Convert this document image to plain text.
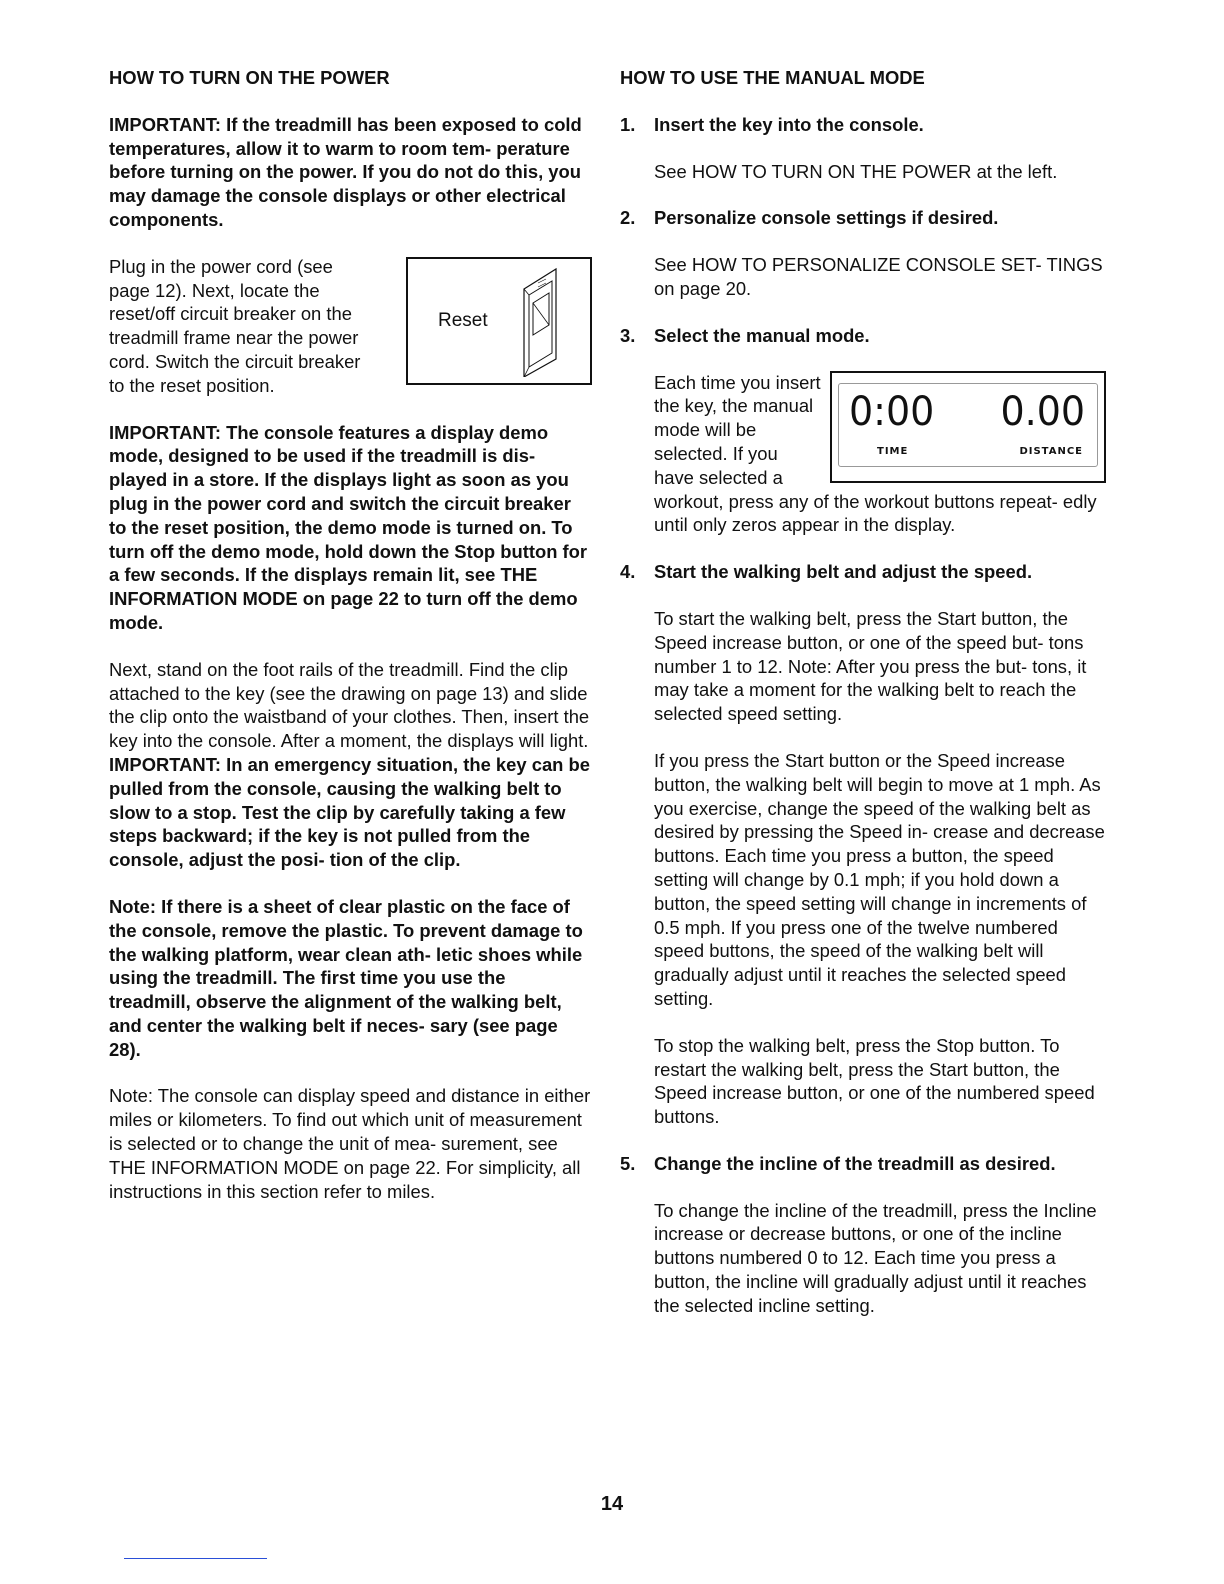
HOW TO TURN ON THE POWER

IMPORTANT: If the treadmill has been exposed to cold temperatures, allow it to warm to room tem- perature before turning on the power. If you do not do this, you may damage the console displays or other electrical components.

Plug in the power cord (see page 12). Next, locate the reset/off circuit breaker on the treadmill frame near the power cord. Switch the circuit breaker to the reset position.

Reset

IMPORTANT: The console features a display demo mode, designed to be used if the treadmill is dis- played in a store. If the displays light as soon as you plug in the power cord and switch the circuit breaker to the reset position, the demo mode is turned on. To turn off the demo mode, hold down the Stop button for a few seconds. If the displays remain lit, see THE INFORMATION MODE on page 22 to turn off the demo mode.

Next, stand on the foot rails of the treadmill. Find the clip attached to the key (see the drawing on page 13) and slide the clip onto the waistband of your clothes. Then, insert the key into the console. After a moment, the displays will light. IMPORTANT: In an emergency situation, the key can be pulled from the console, causing the walking belt to slow to a stop. Test the clip by carefully taking a few steps backward; if the key is not pulled from the console, adjust the posi- tion of the clip.

Note: If there is a sheet of clear plastic on the face of the console, remove the plastic. To prevent damage to the walking platform, wear clean ath- letic shoes while using the treadmill. The first time you use the treadmill, observe the alignment of the walking belt, and center the walking belt if neces- sary (see page 28).

Note: The console can display speed and distance in either miles or kilometers. To find out which unit of measurement is selected or to change the unit of mea- surement, see THE INFORMATION MODE on page 22. For simplicity, all instructions in this section refer to miles.

HOW TO USE THE MANUAL MODE

1.	Insert the key into the console.

See HOW TO TURN ON THE POWER at the left.

2.	Personalize console settings if desired.

See HOW TO PERSONALIZE CONSOLE SET- TINGS on page 20.

3.	Select the manual mode.

Each time you insert the key, the manual mode will be selected. If you have selected a

0:00 0.00
TIME	DISTANCE

workout, press any of the workout buttons repeat- edly until only zeros appear in the display.

4.	Start the walking belt and adjust the speed.

To start the walking belt, press the Start button, the Speed increase button, or one of the speed but- tons number 1 to 12. Note: After you press the but- tons, it may take a moment for the walking belt to reach the selected speed setting.

If you press the Start button or the Speed increase button, the walking belt will begin to move at 1 mph. As you exercise, change the speed of the walking belt as desired by pressing the Speed in- crease and decrease buttons. Each time you press a button, the speed setting will change by 0.1 mph; if you hold down a button, the speed setting will change in increments of 0.5 mph. If you press one of the twelve numbered speed buttons, the speed of the walking belt will gradually adjust until it reaches the selected speed setting.

To stop the walking belt, press the Stop button. To restart the walking belt, press the Start button, the Speed increase button, or one of the numbered speed buttons.

5.	Change the incline of the treadmill as desired.

To change the incline of the treadmill, press the Incline increase or decrease buttons, or one of the incline buttons numbered 0 to 12. Each time you press a button, the incline will gradually adjust until it reaches the selected incline setting.

14
